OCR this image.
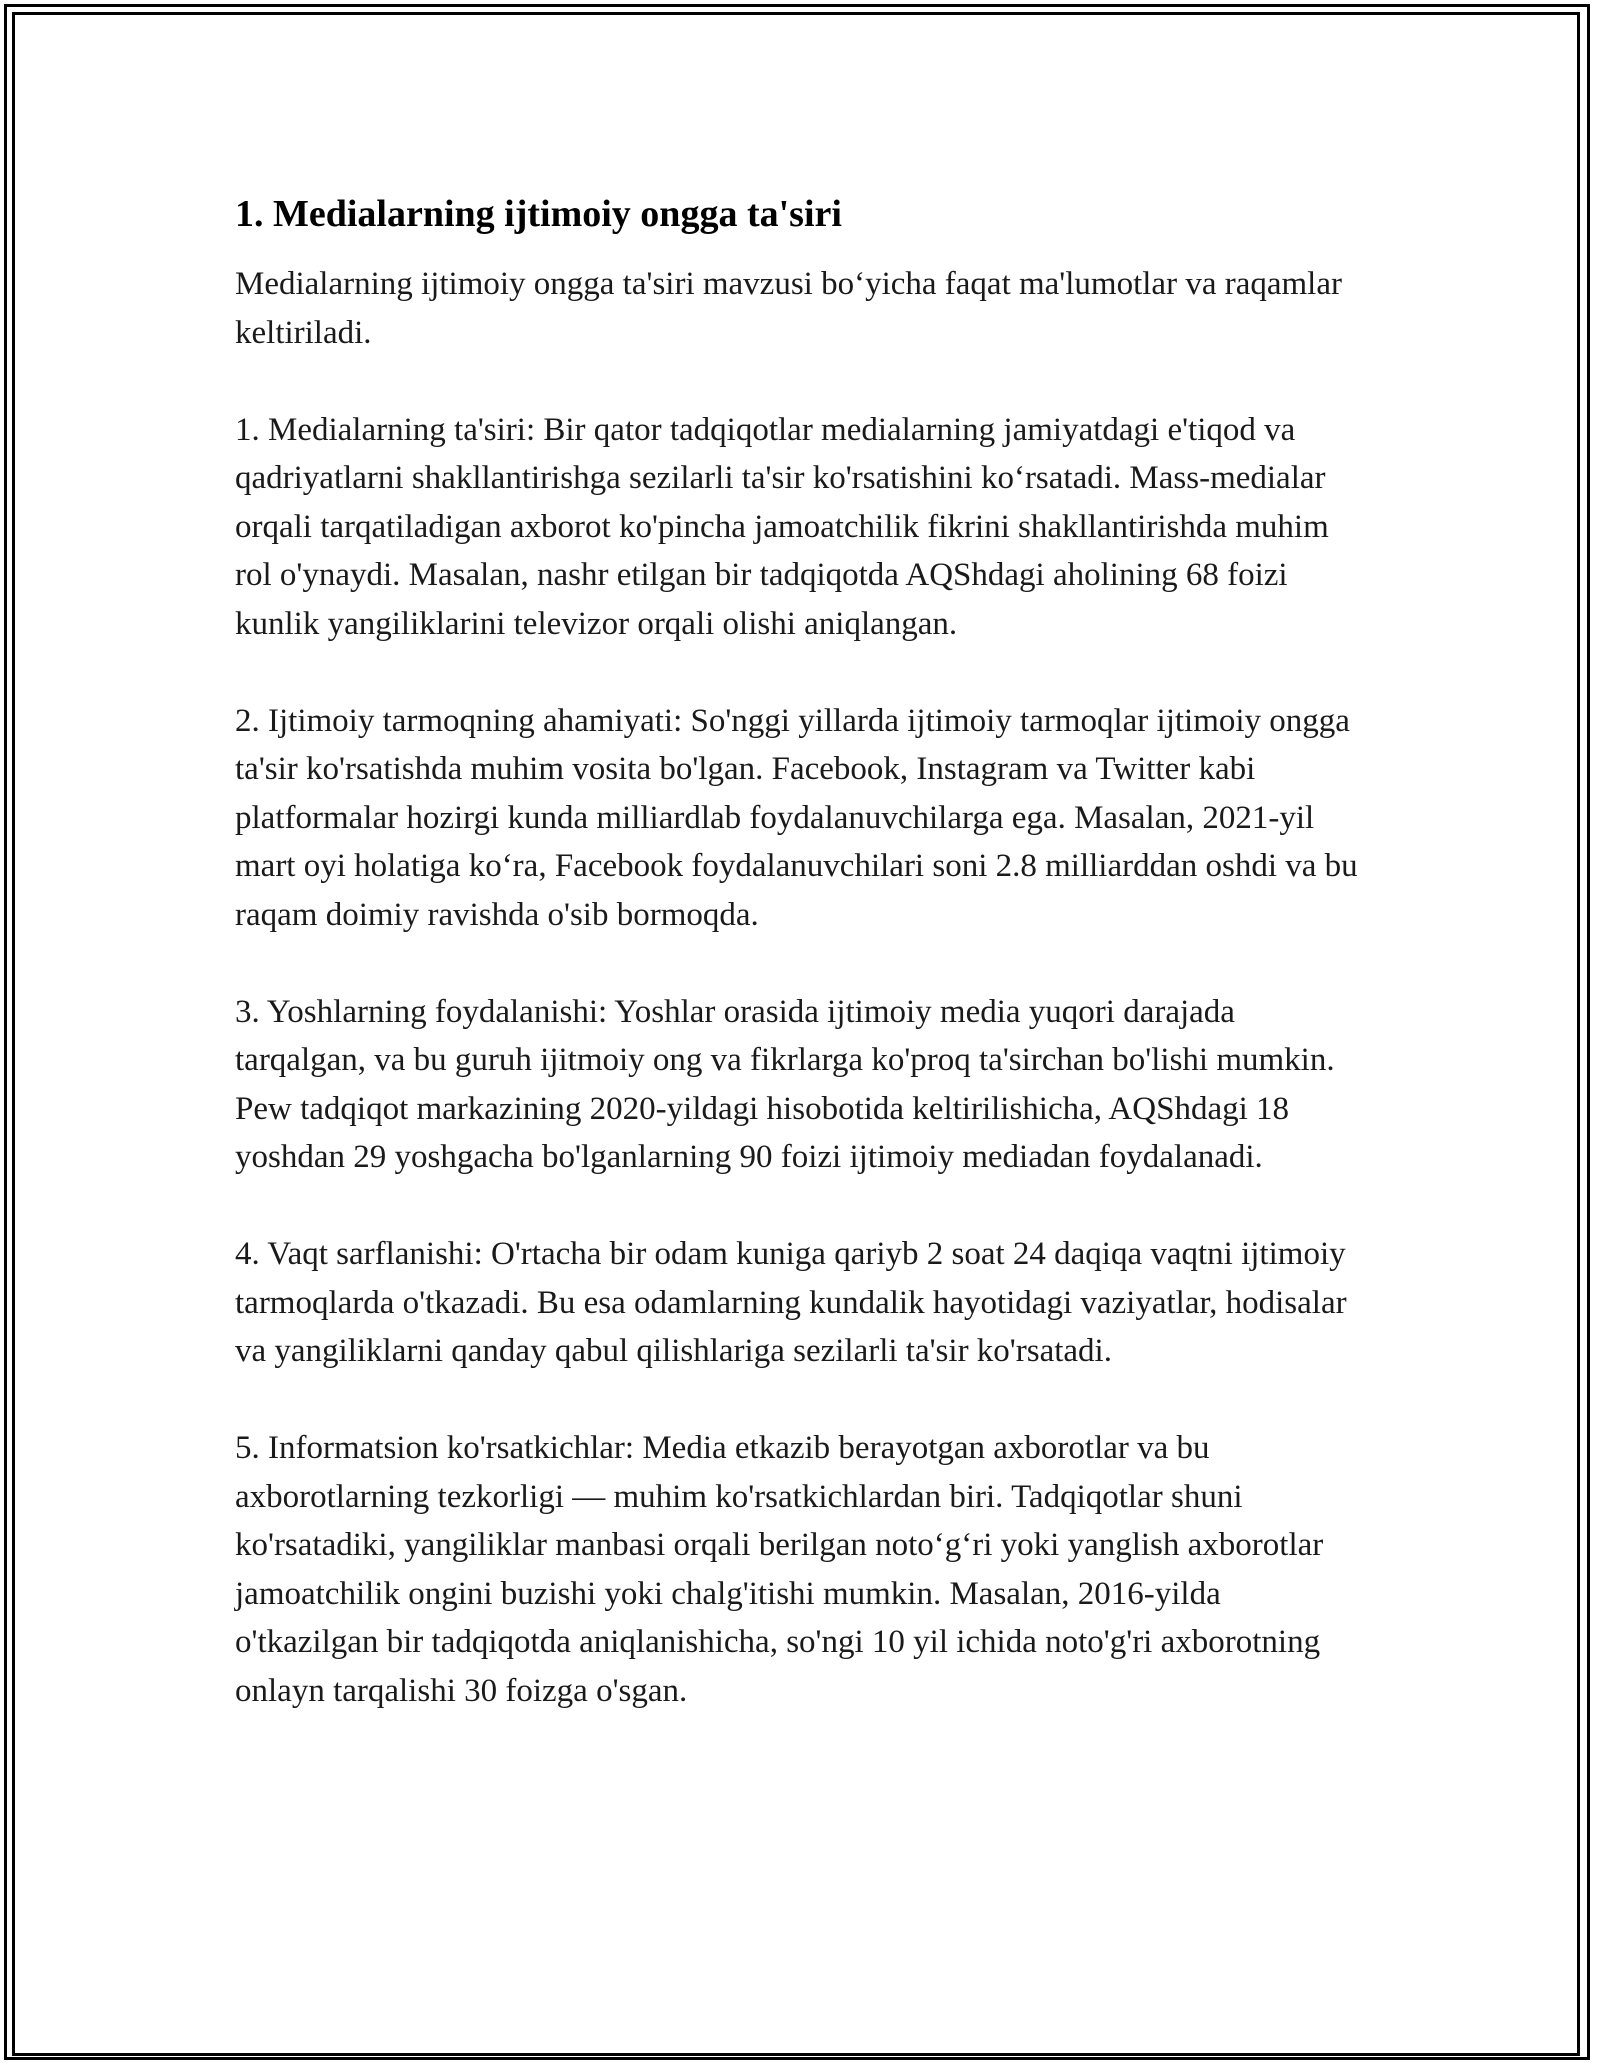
1. Medialarning ijtimoiy ongga ta'siri

Medialarning ijtimoiy ongga ta'siri mavzusi bo‘yicha faqat ma'lumotlar va raqamlar keltiriladi.

1. Medialarning ta'siri: Bir qator tadqiqotlar medialarning jamiyatdagi e'tiqod va qadriyatlarni shakllantirishga sezilarli ta'sir ko'rsatishini ko‘rsatadi. Mass-medialar orqali tarqatiladigan axborot ko'pincha jamoatchilik fikrini shakllantirishda muhim rol o'ynaydi. Masalan, nashr etilgan bir tadqiqotda AQShdagi aholining 68 foizi kunlik yangiliklarini televizor orqali olishi aniqlangan.

2. Ijtimoiy tarmoqning ahamiyati: So'nggi yillarda ijtimoiy tarmoqlar ijtimoiy ongga ta'sir ko'rsatishda muhim vosita bo'lgan. Facebook, Instagram va Twitter kabi platformalar hozirgi kunda milliardlab foydalanuvchilarga ega. Masalan, 2021-yil mart oyi holatiga ko‘ra, Facebook foydalanuvchilari soni 2.8 milliarddan oshdi va bu raqam doimiy ravishda o'sib bormoqda.

3. Yoshlarning foydalanishi: Yoshlar orasida ijtimoiy media yuqori darajada tarqalgan, va bu guruh ijitmoiy ong va fikrlarga ko'proq ta'sirchan bo'lishi mumkin. Pew tadqiqot markazining 2020-yildagi hisobotida keltirilishicha, AQShdagi 18 yoshdan 29 yoshgacha bo'lganlarning 90 foizi ijtimoiy mediadan foydalanadi.

4. Vaqt sarflanishi: O'rtacha bir odam kuniga qariyb 2 soat 24 daqiqa vaqtni ijtimoiy tarmoqlarda o'tkazadi. Bu esa odamlarning kundalik hayotidagi vaziyatlar, hodisalar va yangiliklarni qanday qabul qilishlariga sezilarli ta'sir ko'rsatadi.

5. Informatsion ko'rsatkichlar: Media etkazib berayotgan axborotlar va bu axborotlarning tezkorligi — muhim ko'rsatkichlardan biri. Tadqiqotlar shuni ko'rsatadiki, yangiliklar manbasi orqali berilgan noto‘g‘ri yoki yanglish axborotlar jamoatchilik ongini buzishi yoki chalg'itishi mumkin. Masalan, 2016-yilda o'tkazilgan bir tadqiqotda aniqlanishicha, so'ngi 10 yil ichida noto'g'ri axborotning onlayn tarqalishi 30 foizga o'sgan.
